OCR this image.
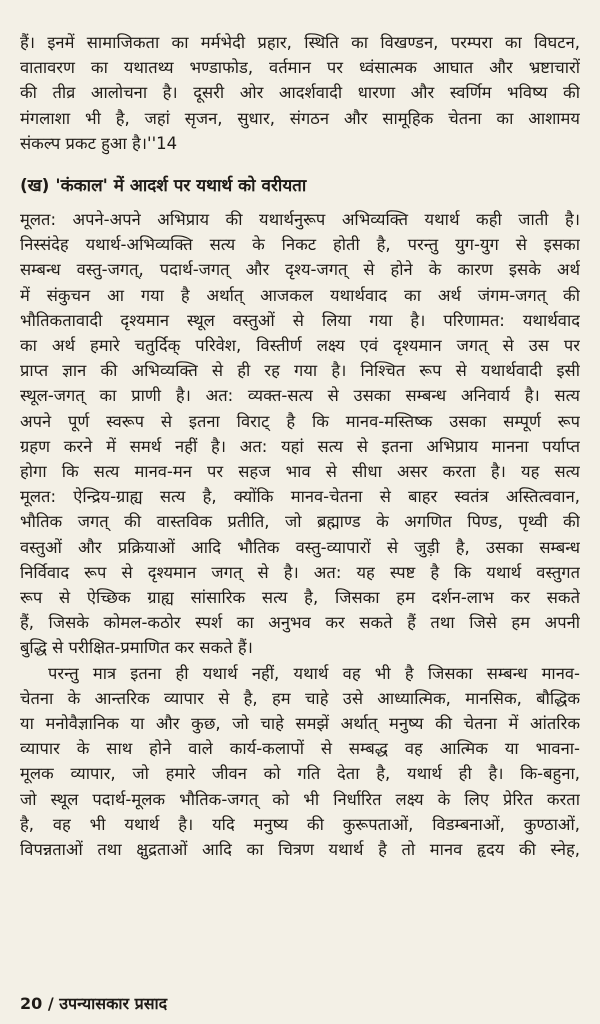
हैं। इनमें सामाजिकता का मर्मभेदी प्रहार, स्थिति का विखण्डन, परम्परा का विघटन,
वातावरण का यथातथ्य भण्डाफोड, वर्तमान पर ध्वंसात्मक आघात और भ्रष्टाचारों
की तीव्र आलोचना है। दूसरी ओर आदर्शवादी धारणा और स्वर्णिम भविष्य की
मंगलाशा भी है, जहां सृजन, सुधार, संगठन और सामूहिक चेतना का आशामय
संकल्प प्रकट हुआ है।''14
(ख) 'कंकाल' में आदर्श पर यथार्थ को वरीयता
मूलत: अपने-अपने अभिप्राय की यथार्थनुरूप अभिव्यक्ति यथार्थ कही जाती है।
निस्संदेह यथार्थ-अभिव्यक्ति सत्य के निकट होती है, परन्तु युग-युग से इसका
सम्बन्ध वस्तु-जगत्, पदार्थ-जगत् और दृश्य-जगत् से होने के कारण इसके अर्थ
में संकुचन आ गया है अर्थात् आजकल यथार्थवाद का अर्थ जंगम-जगत् की
भौतिकतावादी दृश्यमान स्थूल वस्तुओं से लिया गया है। परिणामत: यथार्थवाद
का अर्थ हमारे चतुर्दिक् परिवेश, विस्तीर्ण लक्ष्य एवं दृश्यमान जगत् से उस पर
प्राप्त ज्ञान की अभिव्यक्ति से ही रह गया है। निश्चित रूप से यथार्थवादी इसी
स्थूल-जगत् का प्राणी है। अत: व्यक्त-सत्य से उसका सम्बन्ध अनिवार्य है। सत्य
अपने पूर्ण स्वरूप से इतना विराट् है कि मानव-मस्तिष्क उसका सम्पूर्ण रूप
ग्रहण करने में समर्थ नहीं है। अत: यहां सत्य से इतना अभिप्राय मानना पर्याप्त
होगा कि सत्य मानव-मन पर सहज भाव से सीधा असर करता है। यह सत्य
मूलत: ऐन्द्रिय-ग्राह्य सत्य है, क्योंकि मानव-चेतना से बाहर स्वतंत्र अस्तित्ववान,
भौतिक जगत् की वास्तविक प्रतीति, जो ब्रह्माण्ड के अगणित पिण्ड, पृथ्वी की
वस्तुओं और प्रक्रियाओं आदि भौतिक वस्तु-व्यापारों से जुड़ी है, उसका सम्बन्ध
निर्विवाद रूप से दृश्यमान जगत् से है। अत: यह स्पष्ट है कि यथार्थ वस्तुगत
रूप से ऐच्छिक ग्राह्य सांसारिक सत्य है, जिसका हम दर्शन-लाभ कर सकते
हैं, जिसके कोमल-कठोर स्पर्श का अनुभव कर सकते हैं तथा जिसे हम अपनी
बुद्धि से परीक्षित-प्रमाणित कर सकते हैं।
परन्तु मात्र इतना ही यथार्थ नहीं, यथार्थ वह भी है जिसका सम्बन्ध मानव-
चेतना के आन्तरिक व्यापार से है, हम चाहे उसे आध्यात्मिक, मानसिक, बौद्धिक
या मनोवैज्ञानिक या और कुछ, जो चाहे समझें अर्थात् मनुष्य की चेतना में आंतरिक
व्यापार के साथ होने वाले कार्य-कलापों से सम्बद्ध वह आत्मिक या भावना-
मूलक व्यापार, जो हमारे जीवन को गति देता है, यथार्थ ही है। कि-बहुना,
जो स्थूल पदार्थ-मूलक भौतिक-जगत् को भी निर्धारित लक्ष्य के लिए प्रेरित करता
है, वह भी यथार्थ है। यदि मनुष्य की कुरूपताओं, विडम्बनाओं, कुण्ठाओं,
विपन्नताओं तथा क्षुद्रताओं आदि का चित्रण यथार्थ है तो मानव हृदय की स्नेह,
20 / उपन्यासकार प्रसाद
